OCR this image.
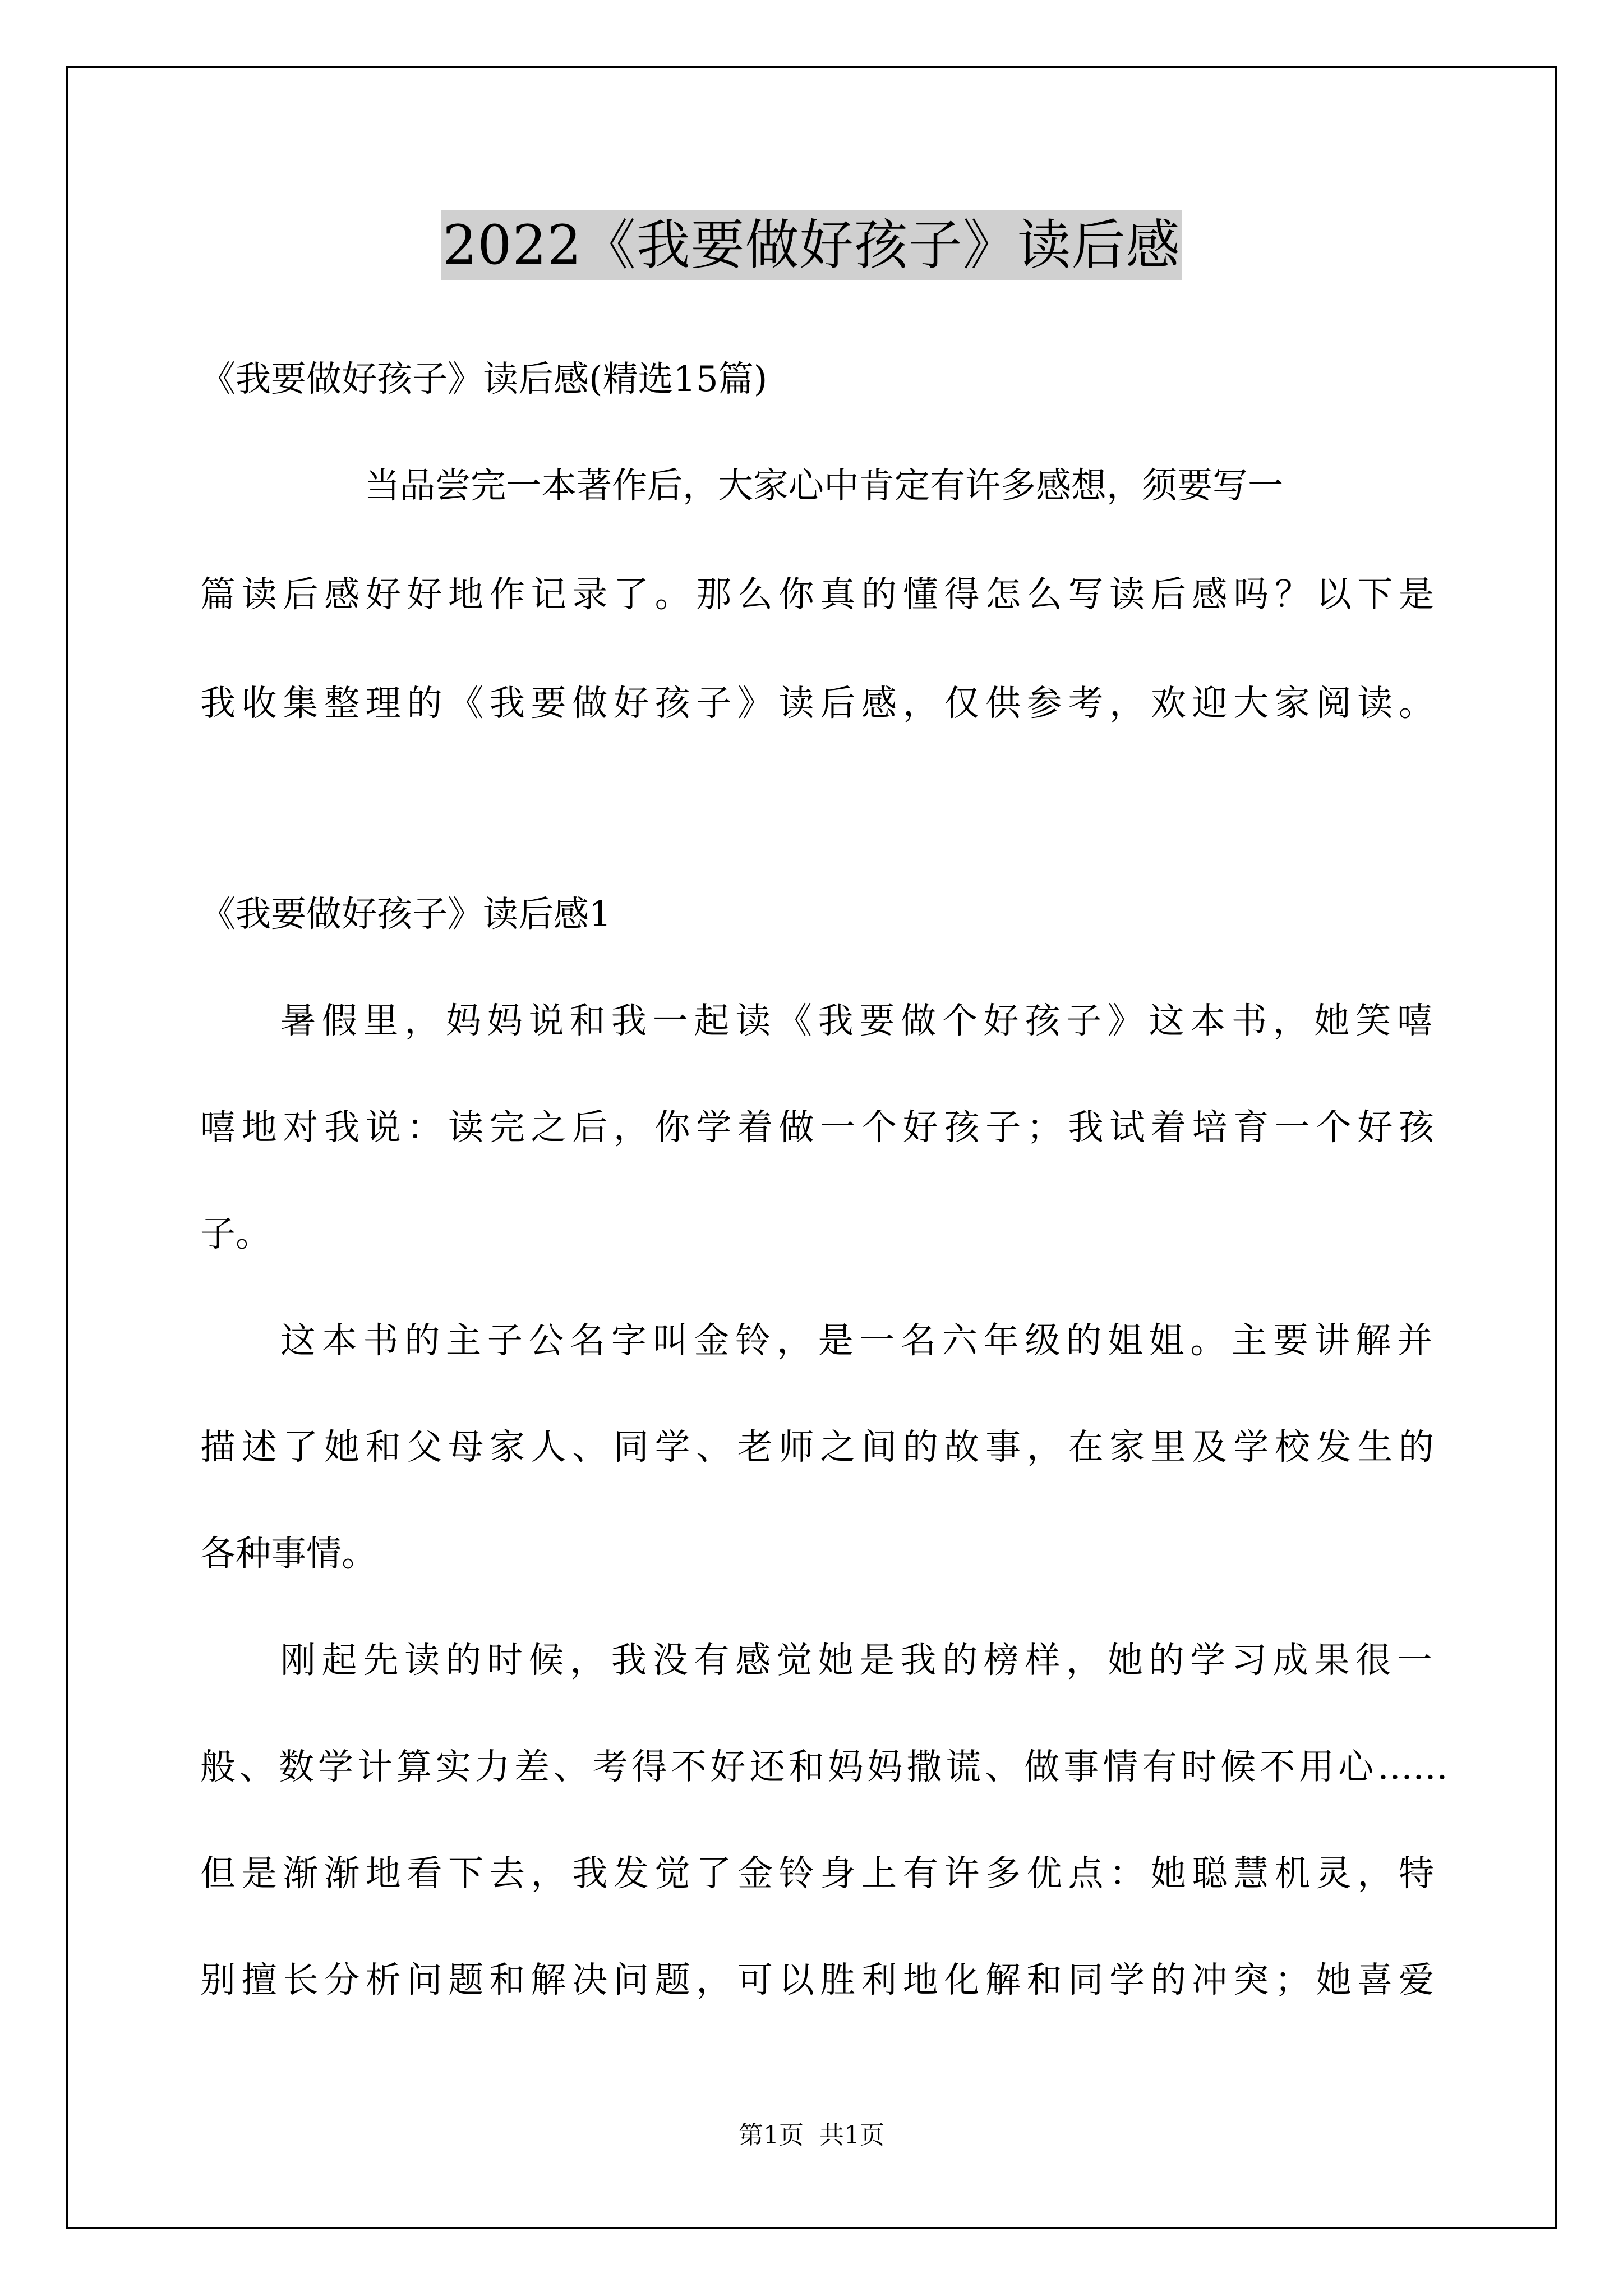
2022《我要做好孩子》读后感
《我要做好孩子》读后感(精选15篇)
当品尝完一本著作后，大家心中肯定有许多感想，须要写一
篇读后感好好地作记录了。那么你真的懂得怎么写读后感吗？以下是
我收集整理的《我要做好孩子》读后感，仅供参考，欢迎大家阅读。
《我要做好孩子》读后感1
暑假里，妈妈说和我一起读《我要做个好孩子》这本书，她笑嘻
嘻地对我说：读完之后，你学着做一个好孩子；我试着培育一个好孩
子。
这本书的主子公名字叫金铃，是一名六年级的姐姐。主要讲解并
描述了她和父母家人、同学、老师之间的故事，在家里及学校发生的
各种事情。
刚起先读的时候，我没有感觉她是我的榜样，她的学习成果很一
般、数学计算实力差、考得不好还和妈妈撒谎、做事情有时候不用心……
但是渐渐地看下去，我发觉了金铃身上有许多优点：她聪慧机灵，特
别擅长分析问题和解决问题，可以胜利地化解和同学的冲突；她喜爱
第1页 共1页
